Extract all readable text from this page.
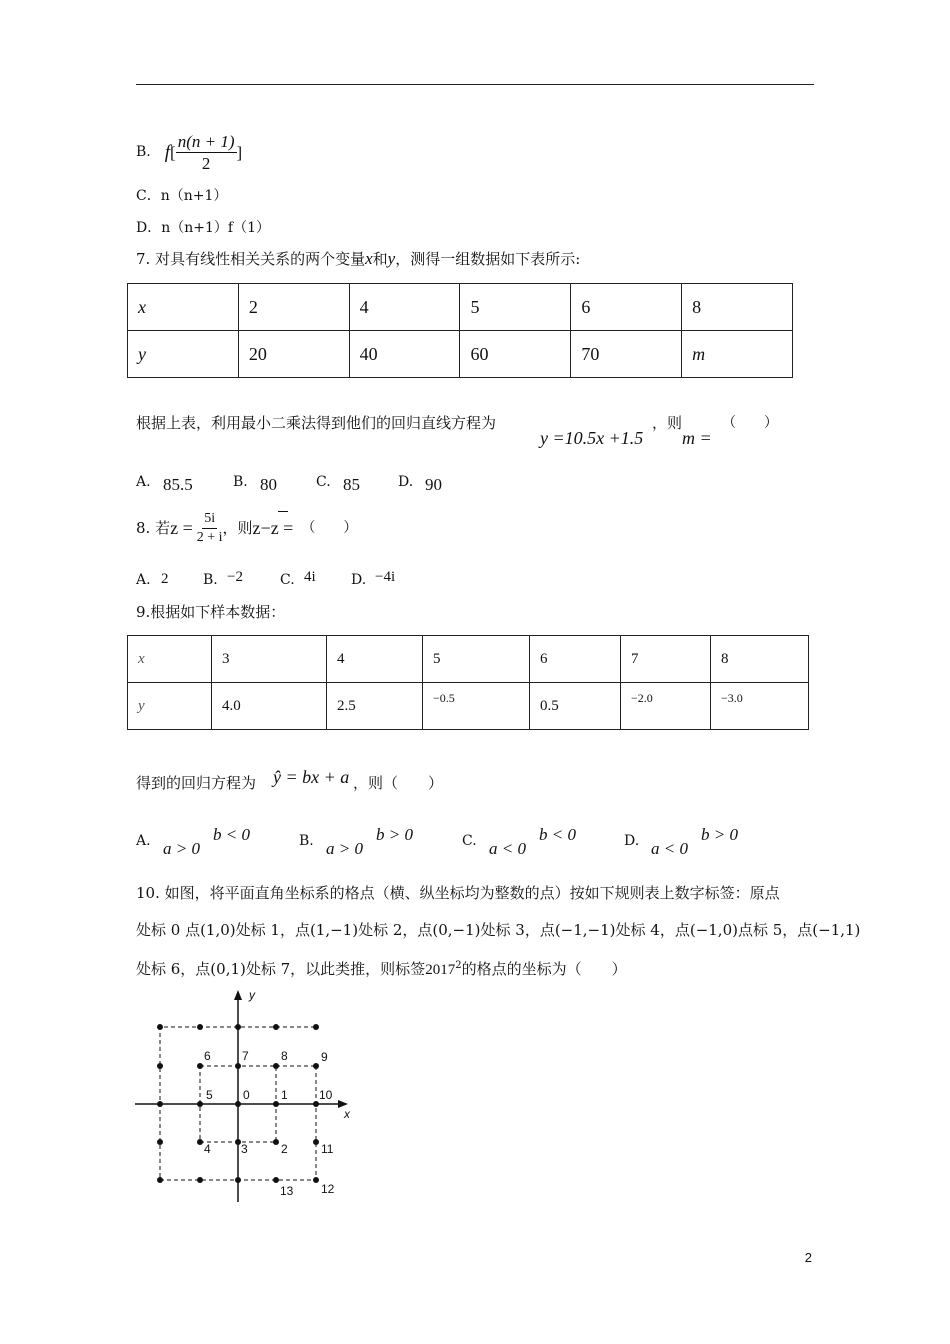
B. f [ $\frac{n(n + 1)}{2}$ ]
C．n（n+1）
D．n（n+1）f（1）
7. 对具有线性相关关系的两个变量x和y，测得一组数据如下表所示:
x	2	4	5	6	8
y	20	40	60	70	m
根据上表，利用最小二乘法得到他们的回归直线方程为
y =10.5x +1.5
，则
m =
（　　）
A. 85.5	B. 80	C. 85	D. 90
8. 若 $z = \frac{5i}{2 + i}$ ，则 z−z = （　　）
A. 2 B. −2	C. 4i	D. −4i
9.根据如下样本数据：
x	3	4	5	6	7	8
y	4.0	2.5	−0.5	0.5	−2.0	−3.0
得到的回归方程为 ŷ = bx + a ，则（　　）
A. a > 0
b < 0	B. a > 0
b > 0	C. a < 0
b < 0	D. a < 0
b > 0
10. 如图，将平面直角坐标系的格点（横、纵坐标均为整数的点）按如下规则表上数字标签：原点
处标 0 点(1,0)处标 1，点(1,−1)处标 2，点(0,−1)处标 3，点(−1,−1)处标 4，点(−1,0)点标 5，点(−1,1)
处标 6，点(0,1)处标 7，以此类推，则标签2017$^2$的格点的坐标为（　　）
x
y
0	1
2
3
4
5
6	7	8	9
10
11
12
13
2
